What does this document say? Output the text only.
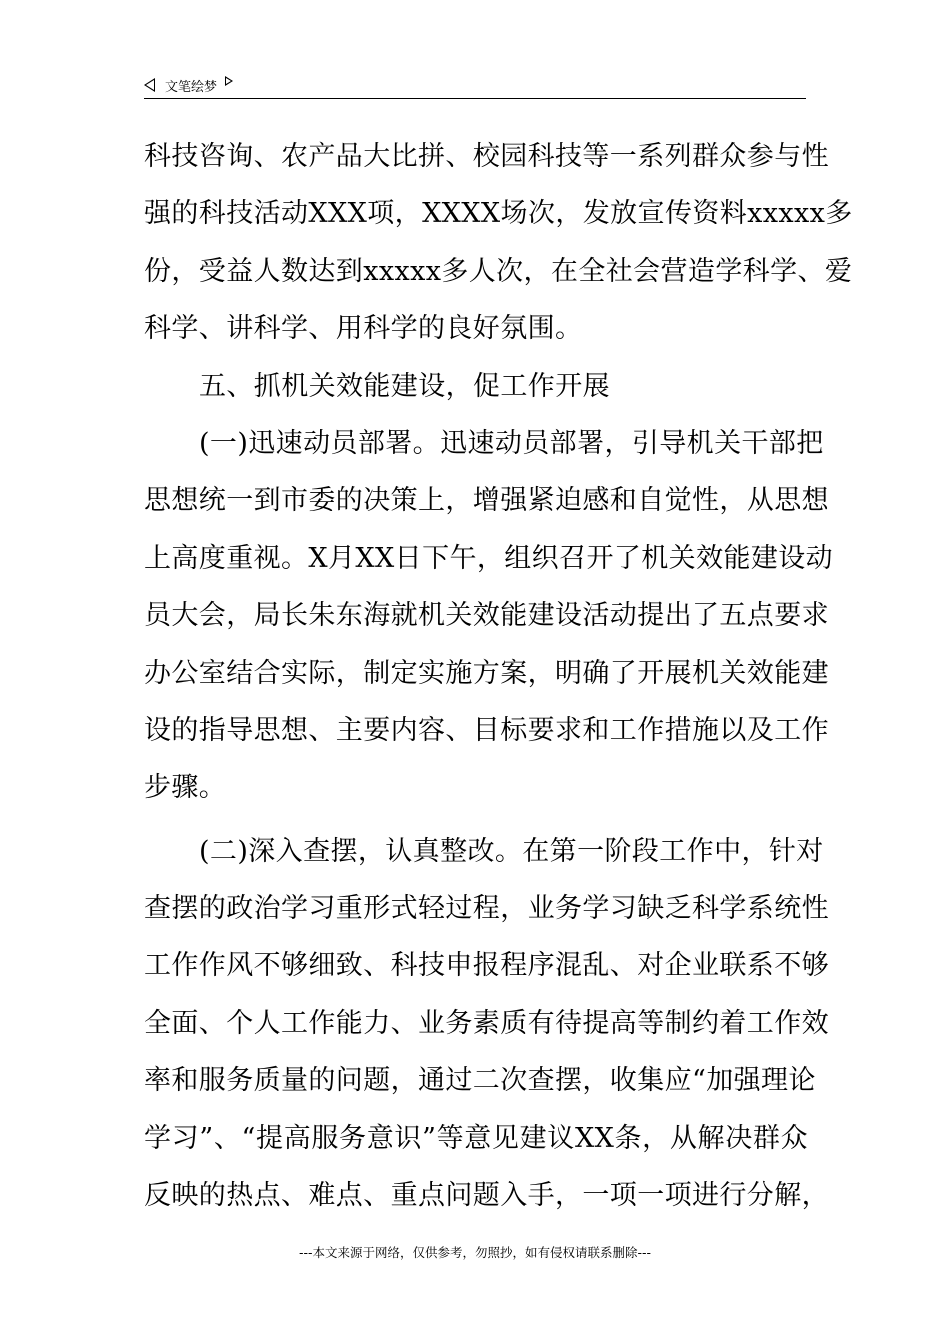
文笔绘梦
科技咨询、农产品大比拼、校园科技等一系列群众参与性
强的科技活动XXX项，XXXX场次，发放宣传资料xxxxx多
份，受益人数达到xxxxx多人次，在全社会营造学科学、爱
科学、讲科学、用科学的良好氛围。
五、抓机关效能建设，促工作开展
(一)迅速动员部署。迅速动员部署，引导机关干部把
思想统一到市委的决策上，增强紧迫感和自觉性，从思想
上高度重视。X月XX日下午，组织召开了机关效能建设动
员大会，局长朱东海就机关效能建设活动提出了五点要求
办公室结合实际，制定实施方案，明确了开展机关效能建
设的指导思想、主要内容、目标要求和工作措施以及工作
步骤。
(二)深入查摆，认真整改。在第一阶段工作中，针对
查摆的政治学习重形式轻过程，业务学习缺乏科学系统性
工作作风不够细致、科技申报程序混乱、对企业联系不够
全面、个人工作能力、业务素质有待提高等制约着工作效
率和服务质量的问题，通过二次查摆，收集应“加强理论
学习”、“提高服务意识”等意见建议XX条，从解决群众
反映的热点、难点、重点问题入手，一项一项进行分解，
---本文来源于网络，仅供参考，勿照抄，如有侵权请联系删除---
